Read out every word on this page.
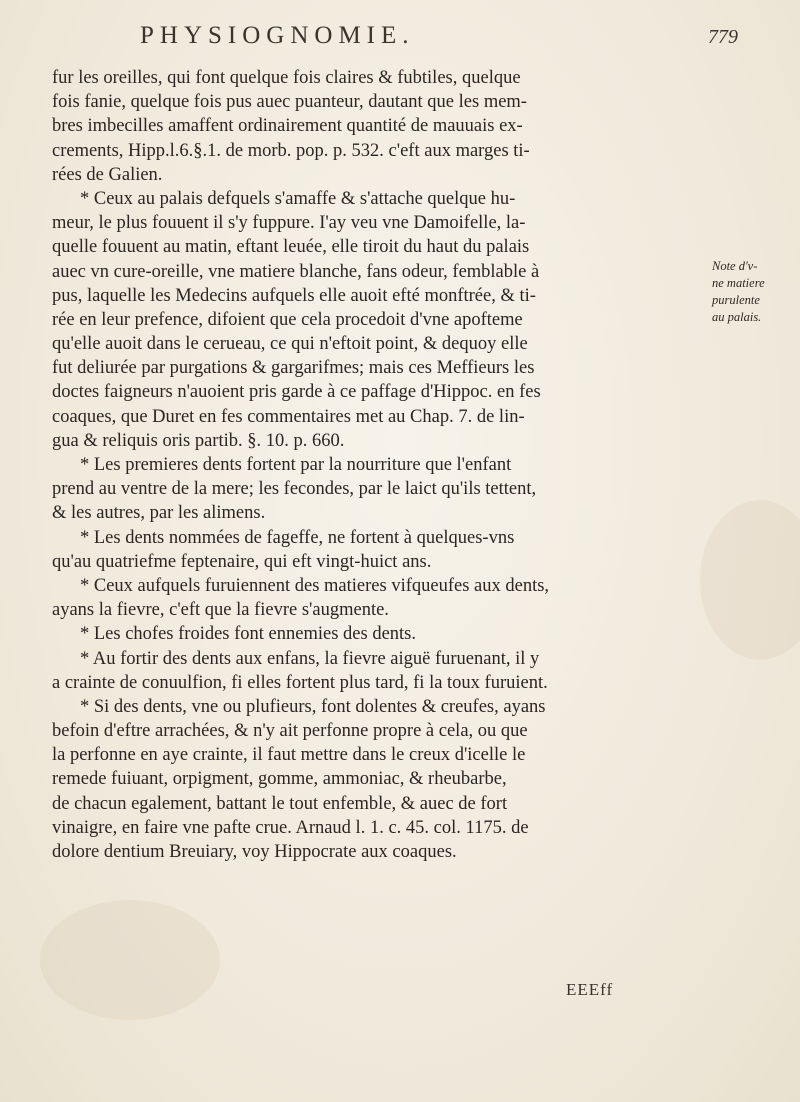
PHYSIOGNOMIE.	779
fur les oreilles, qui font quelque fois claires & fubtiles, quelque
fois fanie, quelque fois pus auec puanteur, dautant que les mem-
bres imbecilles amaffent ordinairement quantité de mauuais ex-
crements, Hipp.l.6.§.1. de morb. pop. p. 532. c'eft aux marges ti-
rées de Galien.
* Ceux au palais defquels s'amaffe & s'attache quelque hu-
meur, le plus fouuent il s'y fuppure. I'ay veu vne Damoifelle, la-
quelle fouuent au matin, eftant leuée, elle tiroit du haut du palais
auec vn cure-oreille, vne matiere blanche, fans odeur, femblable à
pus, laquelle les Medecins aufquels elle auoit efté monftrée, & ti-
rée en leur prefence, difoient que cela procedoit d'vne apofteme
qu'elle auoit dans le cerueau, ce qui n'eftoit point, & dequoy elle
fut deliurée par purgations & gargarifmes; mais ces Meffieurs les
doctes faigneurs n'auoient pris garde à ce paffage d'Hippoc. en fes
coaques, que Duret en fes commentaires met au Chap. 7. de lin-
gua & reliquis oris partib. §. 10. p. 660.
* Les premieres dents fortent par la nourriture que l'enfant
prend au ventre de la mere; les fecondes, par le laict qu'ils tettent,
& les autres, par les alimens.
* Les dents nommées de fageffe, ne fortent à quelques-vns
qu'au quatriefme feptenaire, qui eft vingt-huict ans.
* Ceux aufquels furuiennent des matieres vifqueufes aux dents,
ayans la fievre, c'eft que la fievre s'augmente.
* Les chofes froides font ennemies des dents.
* Au fortir des dents aux enfans, la fievre aiguë furuenant, il y
a crainte de conuulfion, fi elles fortent plus tard, fi la toux furuient.
* Si des dents, vne ou plufieurs, font dolentes & creufes, ayans
befoin d'eftre arrachées, & n'y ait perfonne propre à cela, ou que
la perfonne en aye crainte, il faut mettre dans le creux d'icelle le
remede fuiuant, orpigment, gomme, ammoniac, & rheubarbe,
de chacun egalement, battant le tout enfemble, & auec de fort
vinaigre, en faire vne pafte crue. Arnaud l. 1. c. 45. col. 1175. de
dolore dentium Breuiary, voy Hippocrate aux coaques.
Note d'v-
ne matiere
purulente
au palais.
EEEff
